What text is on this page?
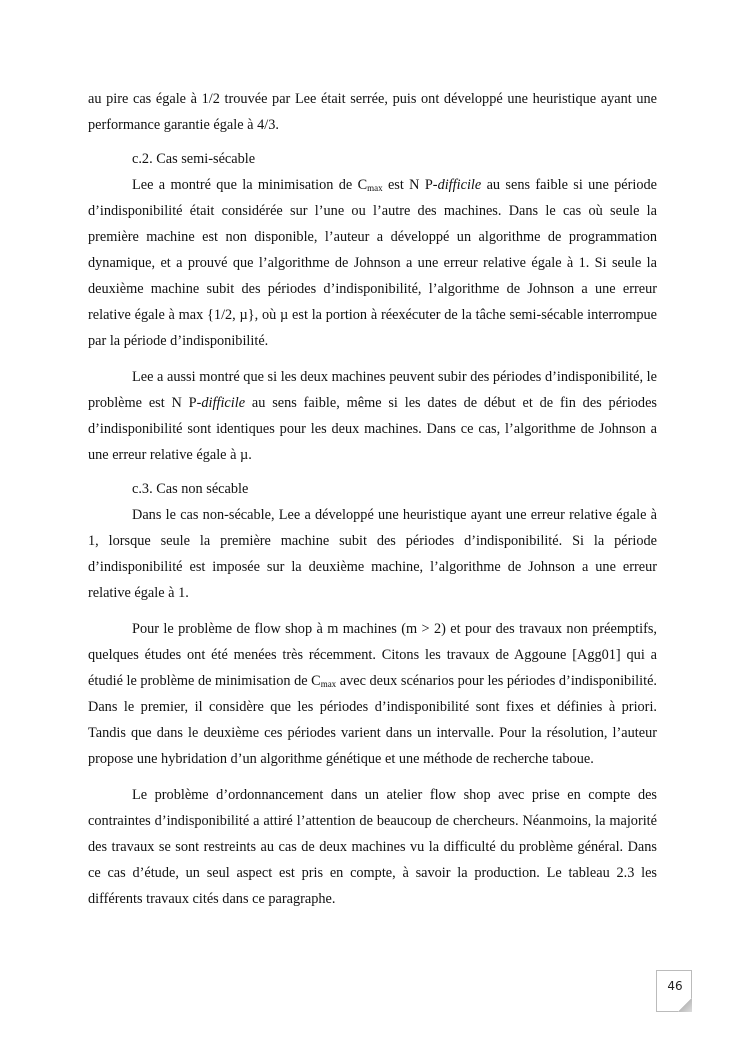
au pire cas égale à 1/2 trouvée par Lee était serrée, puis ont développé une heuristique ayant une performance garantie égale à 4/3.

c.2. Cas semi-sécable

Lee a montré que la minimisation de $C_{max}$ est N P-difficile au sens faible si une période d’indisponibilité était considérée sur l’une ou l’autre des machines. Dans le cas où seule la première machine est non disponible, l’auteur a développé un algorithme de programmation dynamique, et a prouvé que l’algorithme de Johnson a une erreur relative égale à 1. Si seule la deuxième machine subit des périodes d’indisponibilité, l’algorithme de Johnson a une erreur relative égale à max {1/2, µ}, où µ est la portion à réexécuter de la tâche semi-sécable interrompue par la période d’indisponibilité.

Lee a aussi montré que si les deux machines peuvent subir des périodes d’indisponibilité, le problème est N P-difficile au sens faible, même si les dates de début et de fin des périodes d’indisponibilité sont identiques pour les deux machines. Dans ce cas, l’algorithme de Johnson a une erreur relative égale à µ.

c.3. Cas non sécable

Dans le cas non-sécable, Lee a développé une heuristique ayant une erreur relative égale à 1, lorsque seule la première machine subit des périodes d’indisponibilité. Si la période d’indisponibilité est imposée sur la deuxième machine, l’algorithme de Johnson a une erreur relative égale à 1.

Pour le problème de flow shop à m machines (m > 2) et pour des travaux non préemptifs, quelques études ont été menées très récemment. Citons les travaux de Aggoune [Agg01] qui a étudié le problème de minimisation de $C_{max}$ avec deux scénarios pour les périodes d’indisponibilité. Dans le premier, il considère que les périodes d’indisponibilité sont fixes et définies à priori. Tandis que dans le deuxième ces périodes varient dans un intervalle. Pour la résolution, l’auteur propose une hybridation d’un algorithme génétique et une méthode de recherche taboue.

Le problème d’ordonnancement dans un atelier flow shop avec prise en compte des contraintes d’indisponibilité a attiré l’attention de beaucoup de chercheurs. Néanmoins, la majorité des travaux se sont restreints au cas de deux machines vu la difficulté du problème général. Dans ce cas d’étude, un seul aspect est pris en compte, à savoir la production. Le tableau 2.3 les différents travaux cités dans ce paragraphe.

46
